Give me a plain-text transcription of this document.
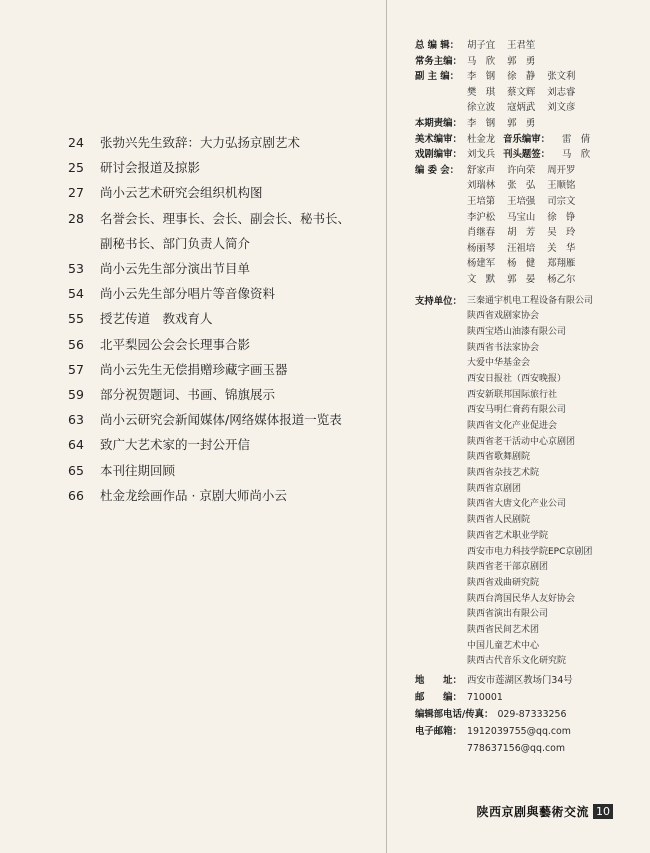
24	张勃兴先生致辞：大力弘扬京剧艺术
25	研讨会报道及掠影
27	尚小云艺术研究会组织机构图
28	名誉会长、理事长、会长、副会长、秘书长、
副秘书长、部门负责人简介
53	尚小云先生部分演出节目单
54	尚小云先生部分唱片等音像资料
55	授艺传道　教戏育人
56	北平梨园公会会长理事合影
57	尚小云先生无偿捐赠珍藏字画玉器
59	部分祝贺题词、书画、锦旗展示
63	尚小云研究会新闻媒体/网络媒体报道一览表
64	致广大艺术家的一封公开信
65	本刊往期回顾
66	杜金龙绘画作品 · 京剧大师尚小云
总 编 辑： 胡子宜 王君笙
常务主编： 马　欣 郭　勇
副 主 编： 李　钢 徐　静 张文利
樊　琪 蔡文辉 刘志睿
徐立波 寇炳武 刘文彦
本期责编： 李　钢 郭　勇
美术编审： 杜金龙 音乐编审： 雷　倩
戏剧编审： 刘戈兵 刊头题签： 马　欣
编 委 会： 舒家声 许向荣 周开罗
刘瑞林 张　弘 王顺铭
王培第 王培强 司宗文
李沪松 马宝山 徐　铮
肖继春 胡　芳 吴　玲
杨丽琴 汪祖培 关　华
杨建军 杨　健 郑翔雁
文　默 郭　晏 杨乙尔
支持单位： 三秦通宇机电工程设备有限公司
陕西省戏剧家协会
陕西宝塔山油漆有限公司
陕西省书法家协会
大爱中华基金会
西安日报社（西安晚报）
西安新联邦国际旅行社
西安马明仁膏药有限公司
陕西省文化产业促进会
陕西省老干活动中心京剧团
陕西省歌舞剧院
陕西省杂技艺术院
陕西省京剧团
陕西省大唐文化产业公司
陕西省人民剧院
陕西省艺术职业学院
西安市电力科技学院EPC京剧团
陕西省老干部京剧团
陕西省戏曲研究院
陕西台湾国民华人友好协会
陕西省演出有限公司
陕西省民间艺术团
中国儿童艺术中心
陕西古代音乐文化研究院
地　　址： 西安市莲湖区教场门34号
邮　　编： 710001
编辑部电话/传真： 029-87333256
电子邮箱： 1912039755@qq.com
778637156@qq.com
陕西京剧與藝術交流 10
